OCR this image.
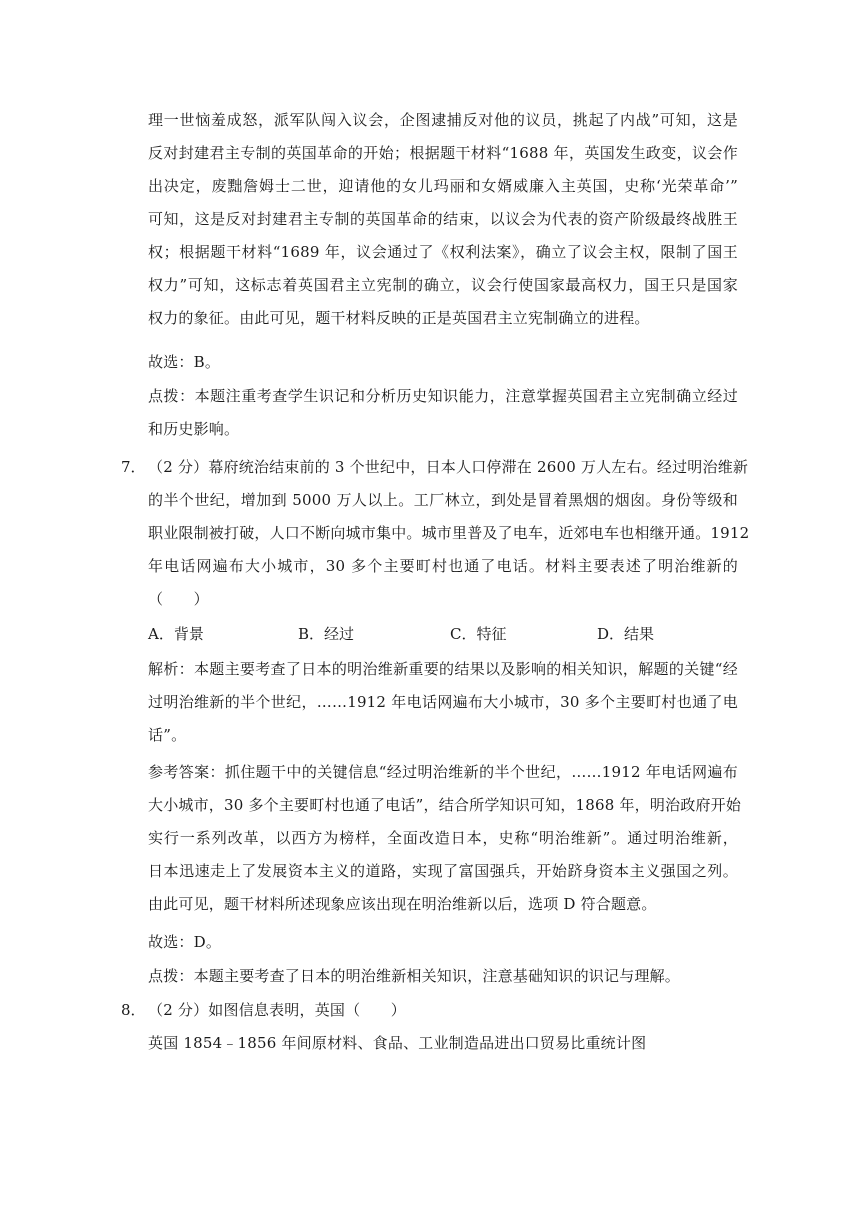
理一世恼羞成怒，派军队闯入议会，企图逮捕反对他的议员，挑起了内战”可知，这是
反对封建君主专制的英国革命的开始；根据题干材料“1688 年，英国发生政变，议会作
出决定，废黜詹姆士二世，迎请他的女儿玛丽和女婿威廉入主英国，史称‘光荣革命’”
可知，这是反对封建君主专制的英国革命的结束，以议会为代表的资产阶级最终战胜王
权；根据题干材料“1689 年，议会通过了《权利法案》，确立了议会主权，限制了国王
权力”可知，这标志着英国君主立宪制的确立，议会行使国家最高权力，国王只是国家
权力的象征。由此可见，题干材料反映的正是英国君主立宪制确立的进程。
故选：B。
点拨：本题注重考查学生识记和分析历史知识能力，注意掌握英国君主立宪制确立经过
和历史影响。
7． （2 分）幕府统治结束前的 3 个世纪中，日本人口停滞在 2600 万人左右。经过明治维新
的半个世纪，增加到 5000 万人以上。工厂林立，到处是冒着黑烟的烟囱。身份等级和
职业限制被打破，人口不断向城市集中。城市里普及了电车，近郊电车也相继开通。1912
年电话网遍布大小城市，30 多个主要町村也通了电话。材料主要表述了明治维新的
（　　）
A．背景	B．经过	C．特征	D．结果
解析：本题主要考查了日本的明治维新重要的结果以及影响的相关知识，解题的关键“经
过明治维新的半个世纪，……1912 年电话网遍布大小城市，30 多个主要町村也通了电
话”。
参考答案：抓住题干中的关键信息“经过明治维新的半个世纪，……1912 年电话网遍布
大小城市，30 多个主要町村也通了电话”，结合所学知识可知，1868 年，明治政府开始
实行一系列改革，以西方为榜样，全面改造日本，史称“明治维新”。通过明治维新，
日本迅速走上了发展资本主义的道路，实现了富国强兵，开始跻身资本主义强国之列。
由此可见，题干材料所述现象应该出现在明治维新以后，选项 D 符合题意。
故选：D。
点拨：本题主要考查了日本的明治维新相关知识，注意基础知识的识记与理解。
8． （2 分）如图信息表明，英国（　　）
英国 1854﹣1856 年间原材料、食品、工业制造品进出口贸易比重统计图
